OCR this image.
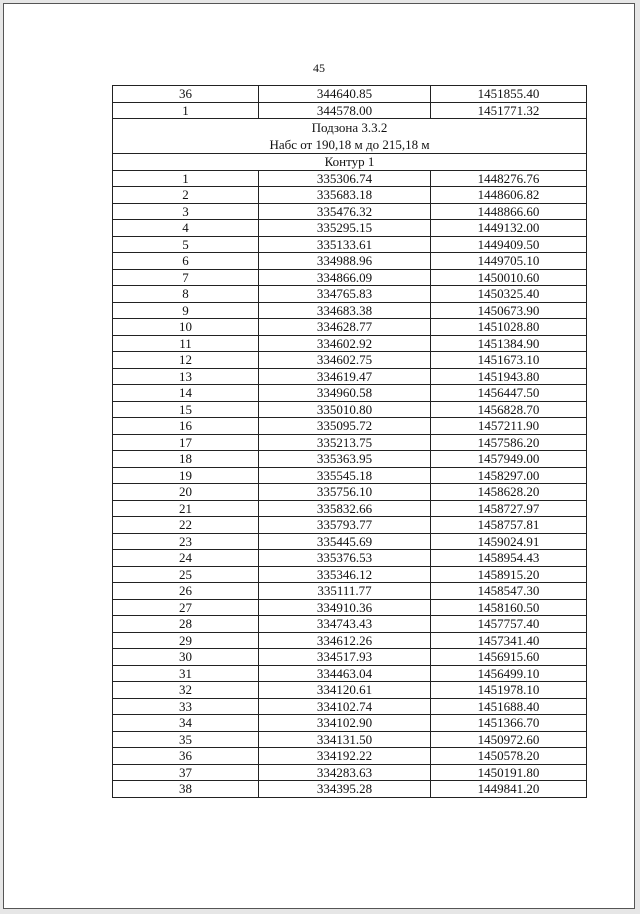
45
36	344640.85	1451855.40
1	344578.00	1451771.32

Подзона 3.3.2
Набс от 190,18 м до 215,18 м		

Контур 1		
1	335306.74	1448276.76
2	335683.18	1448606.82
3	335476.32	1448866.60
4	335295.15	1449132.00
5	335133.61	1449409.50
6	334988.96	1449705.10
7	334866.09	1450010.60
8	334765.83	1450325.40
9	334683.38	1450673.90
10	334628.77	1451028.80
11	334602.92	1451384.90
12	334602.75	1451673.10
13	334619.47	1451943.80
14	334960.58	1456447.50
15	335010.80	1456828.70
16	335095.72	1457211.90
17	335213.75	1457586.20
18	335363.95	1457949.00
19	335545.18	1458297.00
20	335756.10	1458628.20
21	335832.66	1458727.97
22	335793.77	1458757.81
23	335445.69	1459024.91
24	335376.53	1458954.43
25	335346.12	1458915.20
26	335111.77	1458547.30
27	334910.36	1458160.50
28	334743.43	1457757.40
29	334612.26	1457341.40
30	334517.93	1456915.60
31	334463.04	1456499.10
32	334120.61	1451978.10
33	334102.74	1451688.40
34	334102.90	1451366.70
35	334131.50	1450972.60
36	334192.22	1450578.20
37	334283.63	1450191.80
38	334395.28	1449841.20
